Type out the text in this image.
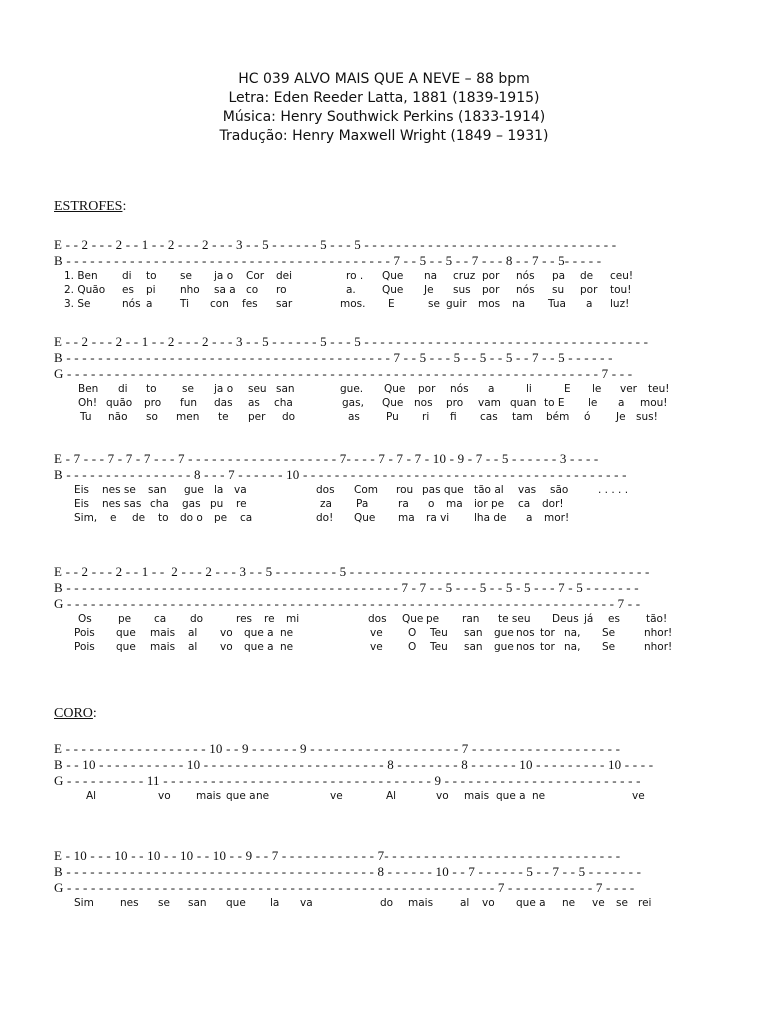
HC 039 ALVO MAIS QUE A NEVE – 88 bpm
Letra: Eden Reeder Latta, 1881 (1839-1915)
Música: Henry Southwick Perkins (1833-1914)
Tradução: Henry Maxwell Wright (1849 – 1931)
ESTROFES:
E - - 2 - - - 2 - - 1 - - 2 - - - 2 - - - 3 - - 5 - - - - - - 5 - - - 5 - - - - - - - - - - - - - - - - - - - - - - - - - - - - - - - -
B - - - - - - - - - - - - - - - - - - - - - - - - - - - - - - - - - - - - - - - - - 7 - - 5 - - 5 - - 7 - - - 8 - - 7 - - 5- - - - -
1. Ben di to se ja o Cor dei	ro . Que na cruz por nós pa de ceu!
2. Quão es pi nho sa a co ro	a. Que Je sus por nós su por tou!
3. Se	nós a	Ti con fes sar	mos. E	se guir mos na Tua a luz!
E - - 2 - - - 2 - - 1 - - 2 - - - 2 - - - 3 - - 5 - - - - - - 5 - - - 5 - - - - - - - - - - - - - - - - - - - - - - - - - - - - - - - - - - - -
B - - - - - - - - - - - - - - - - - - - - - - - - - - - - - - - - - - - - - - - - - 7 - - 5 - - - 5 - - 5 - - 5 - - 7 - - 5 - - - - - -
G - - - - - - - - - - - - - - - - - - - - - - - - - - - - - - - - - - - - - - - - - - - - - - - - - - - - - - - - - - - - - - - - - - - 7 - - -
Ben di to se ja o seu san	gue. Que por nós a	li	E le ver teu!
Oh! quão pro fun das as cha	gas, Que nos pro vam quan to E le a mou!
Tu não so men te per do	as Pu ri fi cas tam bém ó Je sus!
E - 7 - - - 7 - 7 - 7 - - - 7 - - - - - - - - - - - - - - - - - - - 7- - - - 7 - 7 - 7 - 10 - 9 - 7 - - 5 - - - - - - 3 - - - -
B - - - - - - - - - - - - - - - - 8 - - - 7 - - - - - - 10 - - - - - - - - - - - - - - - - - - - - - - - - - - - - - - - - - - - - - - - - -
Eis nes se san gue la va	dos Com rou pas que tão al vas são	. . . . .
Eis nes sas cha gas pu re	za Pa	ra o ma ior pe ca dor!
Sim, e de to do o pe ca	do! Que ma ra vi lha de a mor!
E - - 2 - - - 2 - - 1 - -  2 - - - 2 - - - 3 - - 5 - - - - - - - - 5 - - - - - - - - - - - - - - - - - - - - - - - - - - - - - - - - - - - - - -
B - - - - - - - - - - - - - - - - - - - - - - - - - - - - - - - - - - - - - - - - - - 7 - 7 - - 5 - - - 5 - - 5 - 5 - - - 7 - 5 - - - - - - -
G - - - - - - - - - - - - - - - - - - - - - - - - - - - - - - - - - - - - - - - - - - - - - - - - - - - - - - - - - - - - - - - - - - - - - 7 - -
Os	pe ca do	res re mi	dos Que pe ran te seu Deus já es tão!
Pois que mais al vo que a ne	ve O Teu san gue nos tor na, Se	nhor!
Pois que mais al vo que a ne	ve O Teu san gue nos tor na, Se	nhor!
CORO:
E - - - - - - - - - - - - - - - - - - 10 - - 9 - - - - - - 9 - - - - - - - - - - - - - - - - - - - 7 - - - - - - - - - - - - - - - - - - -
B - - 10 - - - - - - - - - - - 10 - - - - - - - - - - - - - - - - - - - - - - - 8 - - - - - - - - 8 - - - - - - 10 - - - - - - - - - 10 - - - -
G - - - - - - - - - - 11 - - - - - - - - - - - - - - - - - - - - - - - - - - - - - - - - - - 9 - - - - - - - - - - - - - - - - - - - - - - - - -
Al	vo mais que a ne	ve	Al	vo mais que a ne	ve
E - 10 - - - 10 - - 10 - - 10 - - 10 - - 9 - - 7 - - - - - - - - - - - - 7- - - - - - - - - - - - - - - - - - - - - - - - - - - - - -
B - - - - - - - - - - - - - - - - - - - - - - - - - - - - - - - - - - - - - - - 8 - - - - - - 10 - - 7 - - - - - - 5 - - 7 - - 5 - - - - - - -
G - - - - - - - - - - - - - - - - - - - - - - - - - - - - - - - - - - - - - - - - - - - - - - - - - - - - - - 7 - - - - - - - - - - - 7 - - - -
Sim nes se san que la va	do mais	al vo que a ne ve se rei
